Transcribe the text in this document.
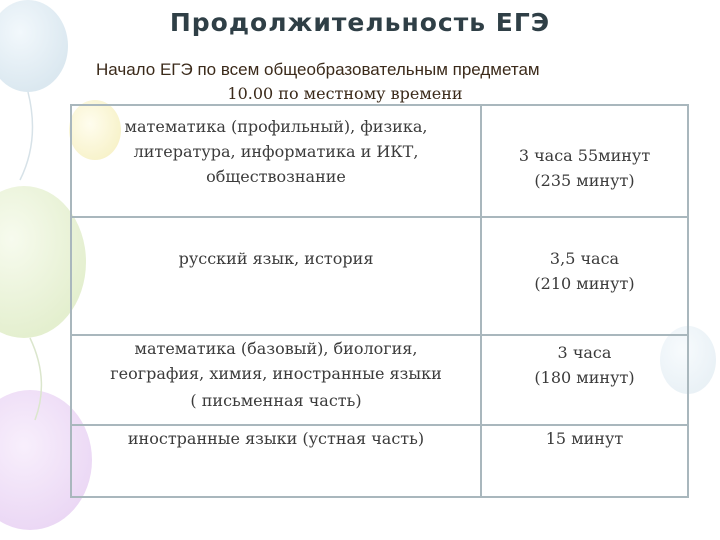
Продолжительность ЕГЭ
Начало ЕГЭ по всем общеобразовательным предметам
10.00 по местному времени
математика (профильный), физика,
литература, информатика и ИКТ,
обществознание	3 часа 55минут
(235 минут)

русский язык, история	3,5 часа
(210 минут)

математика (базовый), биология,
география, химия, иностранные языки
( письменная часть)	3 часа
(180 минут)

иностранные языки (устная часть)	15 минут
